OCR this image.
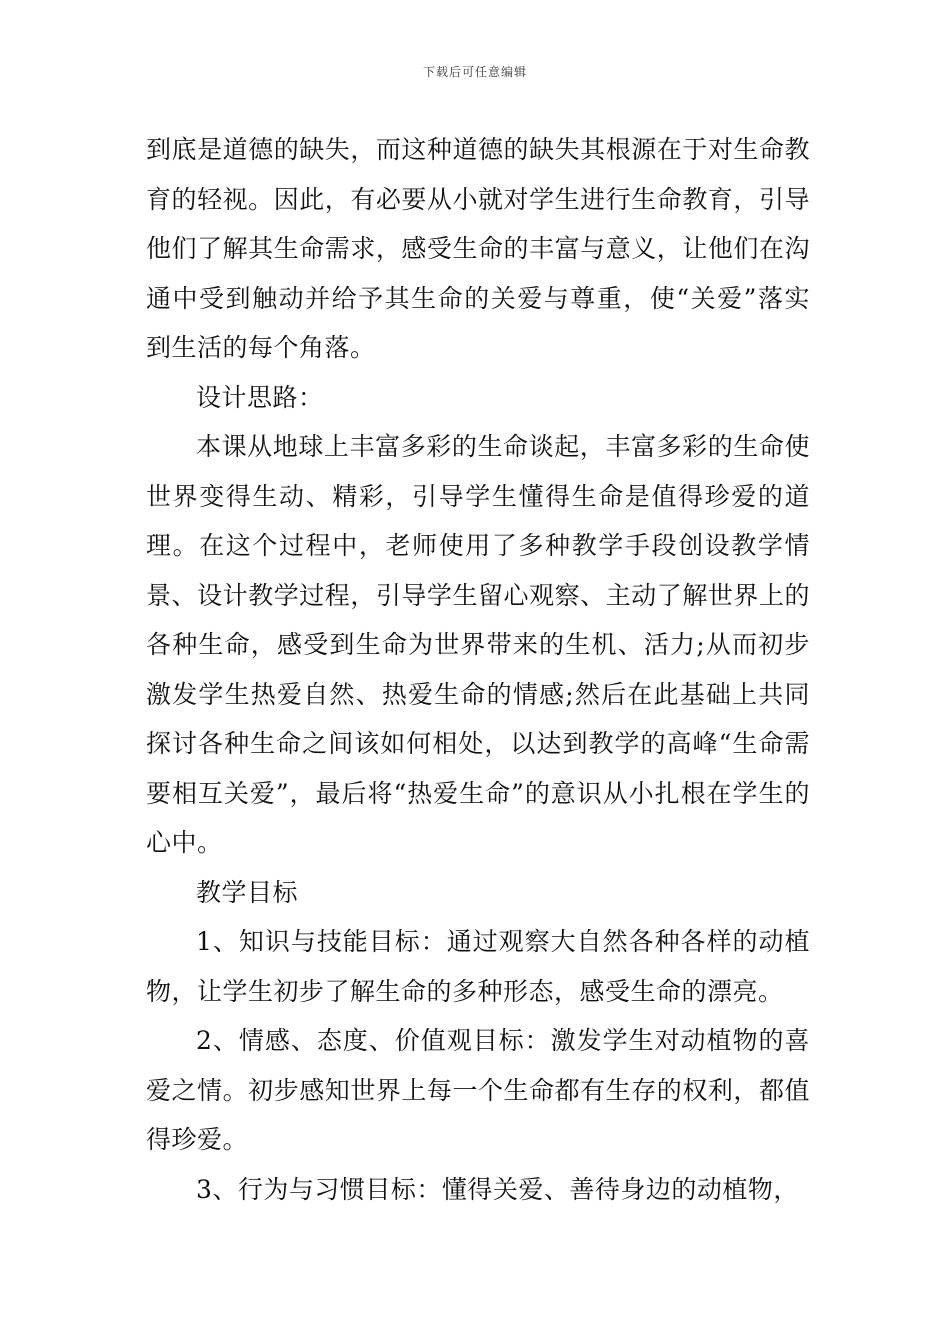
下载后可任意编辑

到底是道德的缺失，而这种道德的缺失其根源在于对生命教育的轻视。因此，有必要从小就对学生进行生命教育，引导他们了解其生命需求，感受生命的丰富与意义，让他们在沟通中受到触动并给予其生命的关爱与尊重，使“关爱”落实到生活的每个角落。

设计思路：

本课从地球上丰富多彩的生命谈起，丰富多彩的生命使世界变得生动、精彩，引导学生懂得生命是值得珍爱的道理。在这个过程中，老师使用了多种教学手段创设教学情景、设计教学过程，引导学生留心观察、主动了解世界上的各种生命，感受到生命为世界带来的生机、活力;从而初步激发学生热爱自然、热爱生命的情感;然后在此基础上共同探讨各种生命之间该如何相处，以达到教学的高峰“生命需要相互关爱”，最后将“热爱生命”的意识从小扎根在学生的心中。

教学目标

1、知识与技能目标：通过观察大自然各种各样的动植物，让学生初步了解生命的多种形态，感受生命的漂亮。

2、情感、态度、价值观目标：激发学生对动植物的喜爱之情。初步感知世界上每一个生命都有生存的权利，都值得珍爱。

3、行为与习惯目标：懂得关爱、善待身边的动植物，
